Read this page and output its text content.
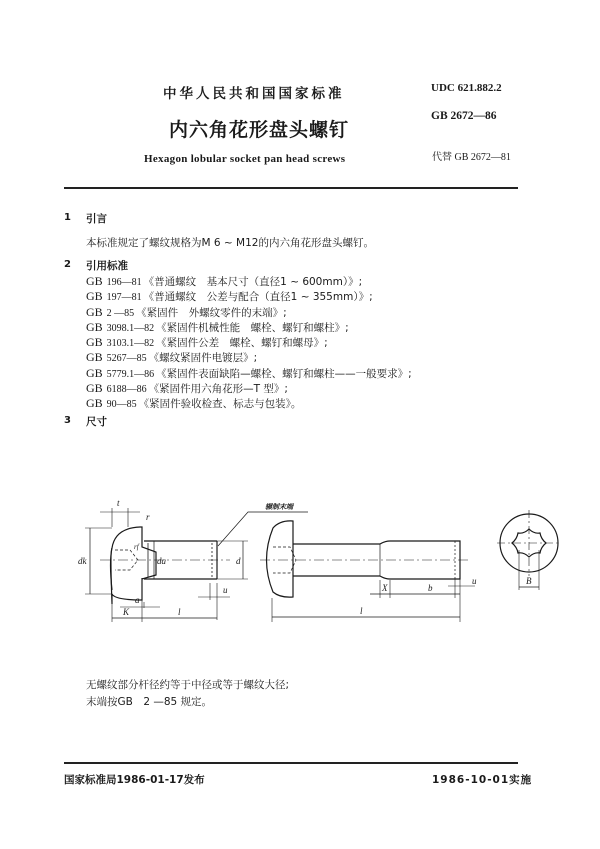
中华人民共和国国家标准	UDC 621.882.2
内六角花形盘头螺钉
GB 2672—86
Hexagon lobular socket pan head screws	代替 GB 2672—81
1 引言
本标准规定了螺纹规格为M 6 ~ M12的内六角花形盘头螺钉。
2 引用标准
GB 196—81 《普通螺纹　基本尺寸（直径1 ~ 600mm）》;
GB 197—81 《普通螺纹　公差与配合（直径1 ~ 355mm）》;
GB 2 —85 《紧固件　外螺纹零件的末端》;
GB 3098.1—82 《紧固件机械性能　螺栓、螺钉和螺柱》;
GB 3103.1—82 《紧固件公差　螺栓、螺钉和螺母》;
GB 5267—85 《螺纹紧固件电镀层》;
GB 5779.1—86 《紧固件表面缺陷—螺栓、螺钉和螺柱——一般要求》;
GB 6188—86 《紧固件用六角花形—T 型》;
GB 90—85 《紧固件验收检查、标志与包装》。
3 尺寸
t
r
rf
dk	da	d
a
u
K	l
X	b
l
u	B
辗制末端
无螺纹部分杆径约等于中径或等于螺纹大径;
末端按GB　2 —85 规定。
国家标准局1986-01-17发布	1986-10-01实施
